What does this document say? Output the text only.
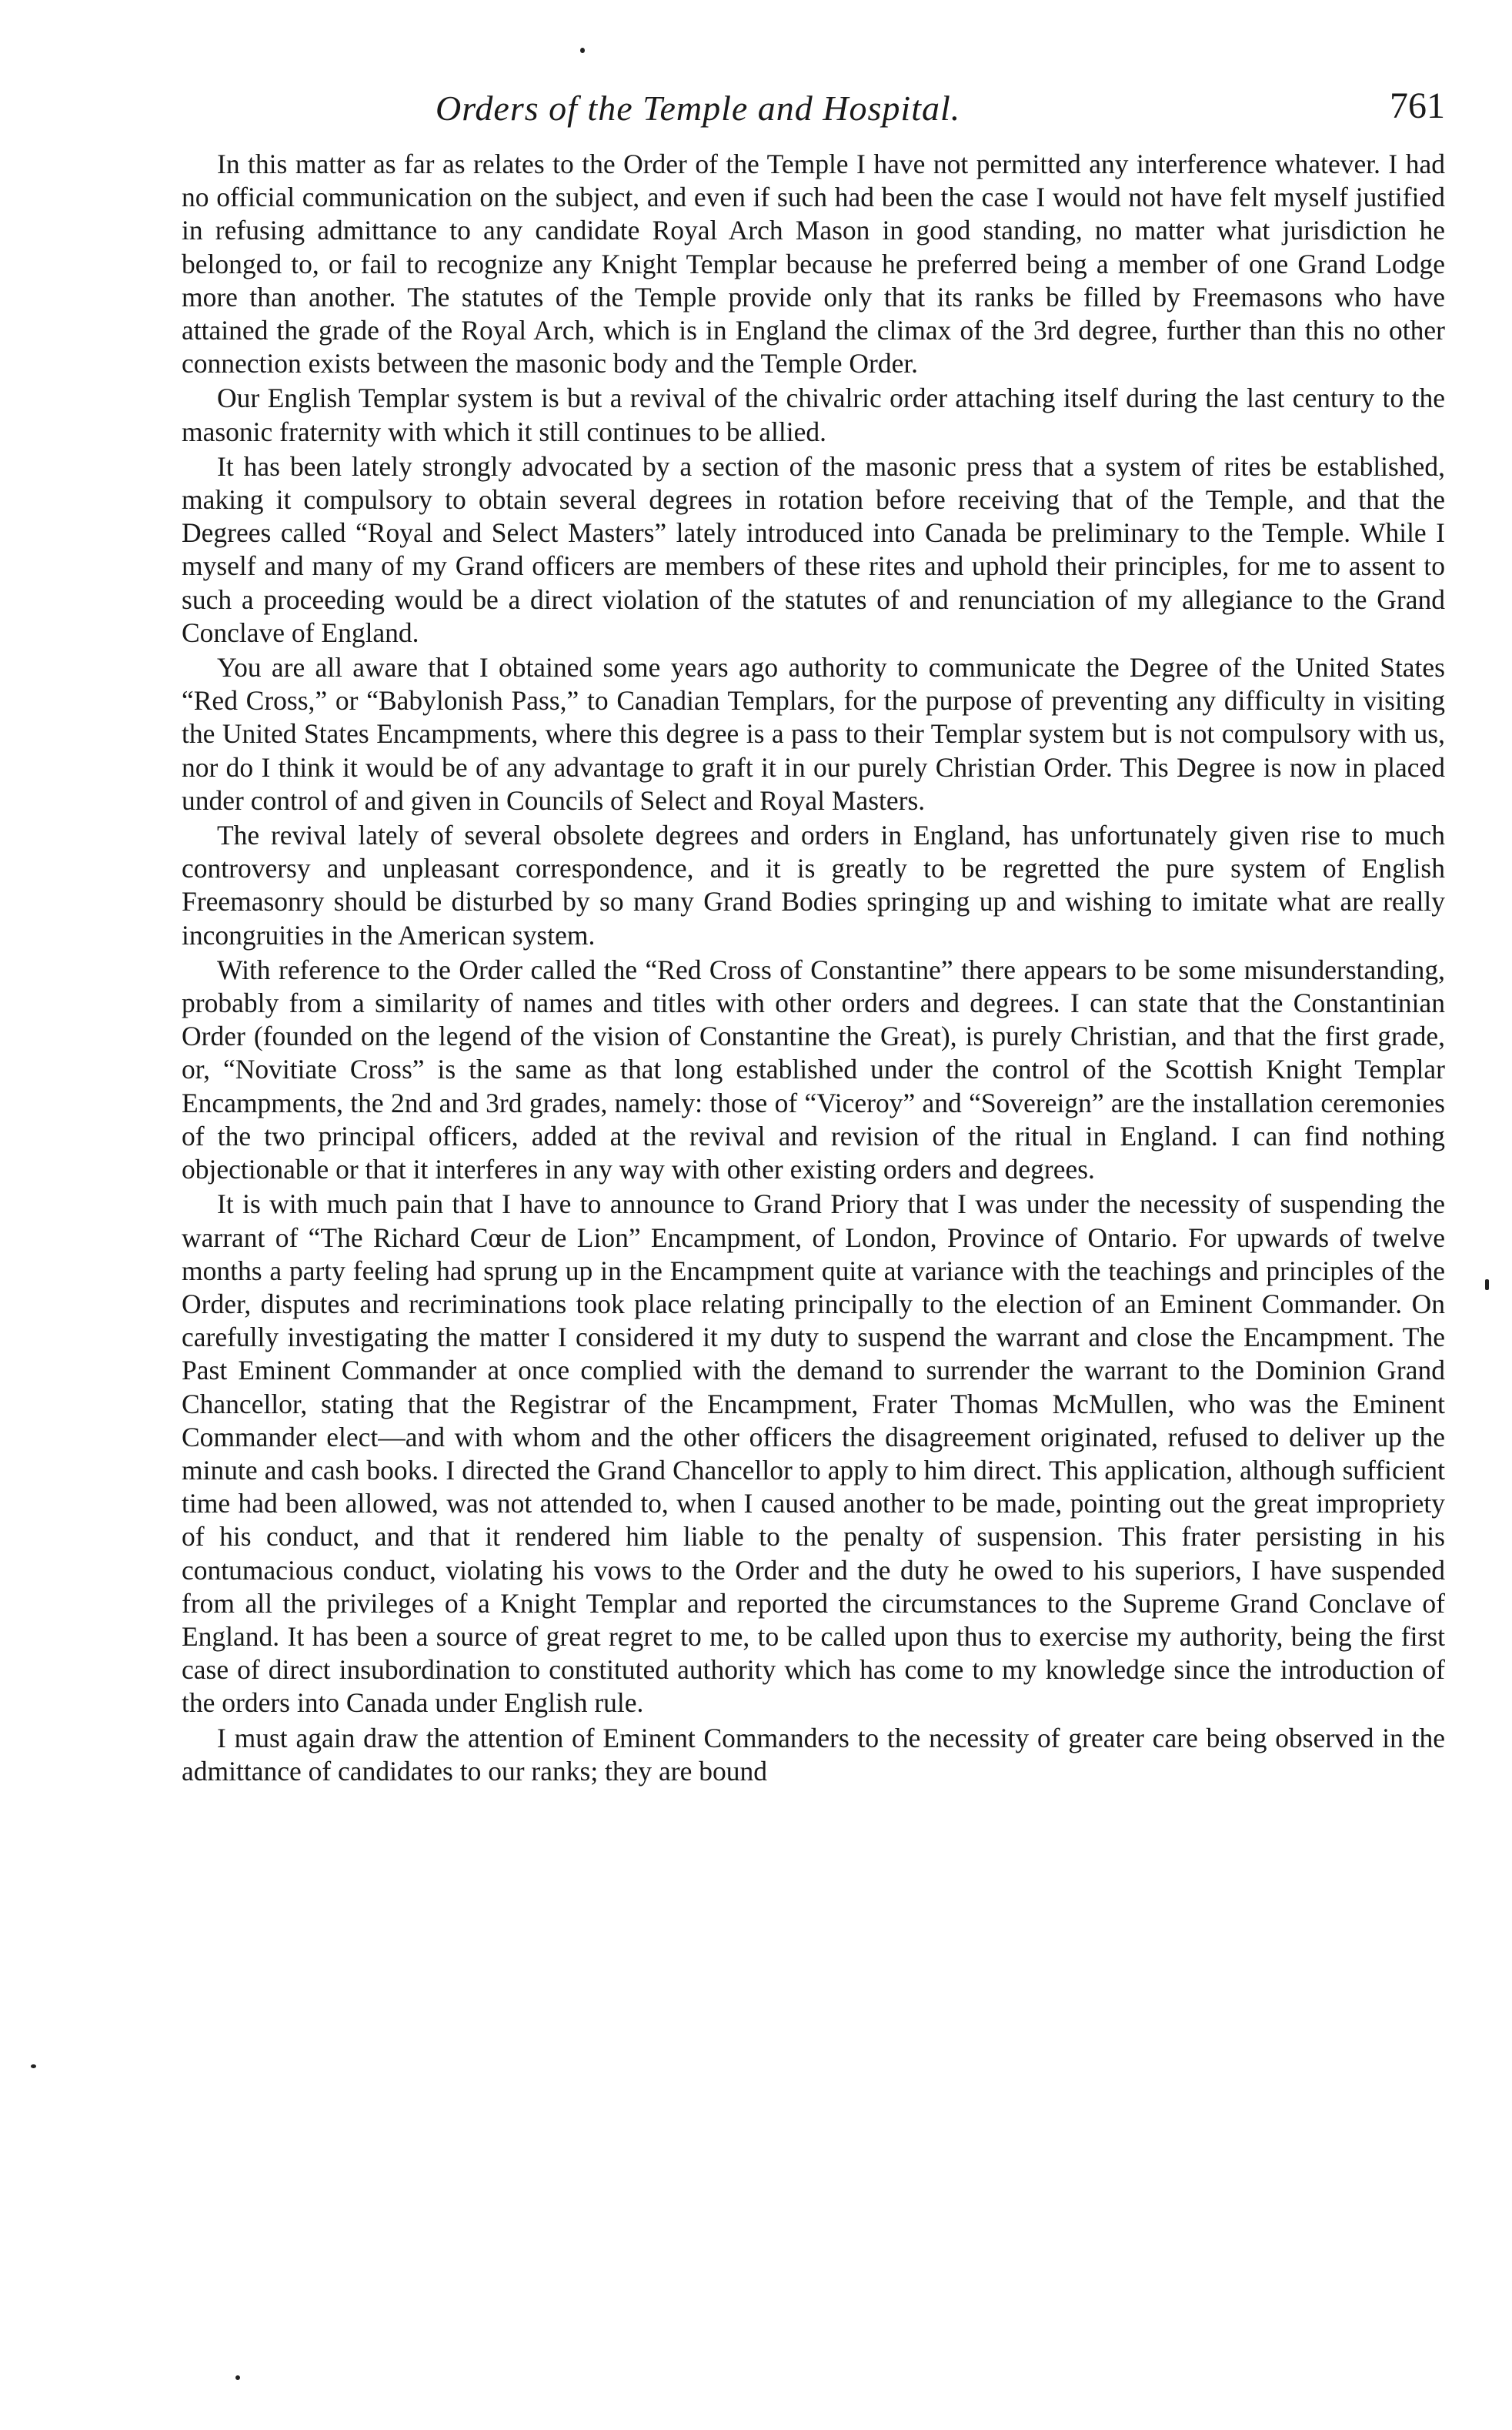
Orders of the Temple and Hospital.	761

In this matter as far as relates to the Order of the Temple I have not permitted any interference whatever. I had no official communication on the subject, and even if such had been the case I would not have felt myself justified in refusing admittance to any candidate Royal Arch Mason in good standing, no matter what jurisdiction he belonged to, or fail to recognize any Knight Templar because he preferred being a member of one Grand Lodge more than another. The statutes of the Temple provide only that its ranks be filled by Freemasons who have attained the grade of the Royal Arch, which is in England the climax of the 3rd degree, further than this no other connection exists between the masonic body and the Temple Order.

Our English Templar system is but a revival of the chivalric order attaching itself during the last century to the masonic fraternity with which it still continues to be allied.

It has been lately strongly advocated by a section of the masonic press that a system of rites be established, making it compulsory to obtain several degrees in rotation before receiving that of the Temple, and that the Degrees called “Royal and Select Masters” lately introduced into Canada be preliminary to the Temple. While I myself and many of my Grand officers are members of these rites and uphold their principles, for me to assent to such a proceeding would be a direct violation of the statutes of and renunciation of my allegiance to the Grand Conclave of England.

You are all aware that I obtained some years ago authority to communicate the Degree of the United States “Red Cross,” or “Babylonish Pass,” to Canadian Templars, for the purpose of preventing any difficulty in visiting the United States Encampments, where this degree is a pass to their Templar system but is not compulsory with us, nor do I think it would be of any advantage to graft it in our purely Christian Order. This Degree is now in placed under control of and given in Councils of Select and Royal Masters.

The revival lately of several obsolete degrees and orders in England, has unfortunately given rise to much controversy and unpleasant correspondence, and it is greatly to be regretted the pure system of English Freemasonry should be disturbed by so many Grand Bodies springing up and wishing to imitate what are really incongruities in the American system.

With reference to the Order called the “Red Cross of Constantine” there appears to be some misunderstanding, probably from a similarity of names and titles with other orders and degrees. I can state that the Constantinian Order (founded on the legend of the vision of Constantine the Great), is purely Christian, and that the first grade, or, “Novitiate Cross” is the same as that long established under the control of the Scottish Knight Templar Encampments, the 2nd and 3rd grades, namely: those of “Viceroy” and “Sovereign” are the installation ceremonies of the two principal officers, added at the revival and revision of the ritual in England. I can find nothing objectionable or that it interferes in any way with other existing orders and degrees.

It is with much pain that I have to announce to Grand Priory that I was under the necessity of suspending the warrant of “The Richard Cœur de Lion” Encampment, of London, Province of Ontario. For upwards of twelve months a party feeling had sprung up in the Encampment quite at variance with the teachings and principles of the Order, disputes and recriminations took place relating principally to the election of an Eminent Commander. On carefully investigating the matter I considered it my duty to suspend the warrant and close the Encampment. The Past Eminent Commander at once complied with the demand to surrender the warrant to the Dominion Grand Chancellor, stating that the Registrar of the Encampment, Frater Thomas McMullen, who was the Eminent Commander elect—and with whom and the other officers the disagreement originated, refused to deliver up the minute and cash books. I directed the Grand Chancellor to apply to him direct. This application, although sufficient time had been allowed, was not attended to, when I caused another to be made, pointing out the great impropriety of his conduct, and that it rendered him liable to the penalty of suspension. This frater persisting in his contumacious conduct, violating his vows to the Order and the duty he owed to his superiors, I have suspended from all the privileges of a Knight Templar and reported the circumstances to the Supreme Grand Conclave of England. It has been a source of great regret to me, to be called upon thus to exercise my authority, being the first case of direct insubordination to constituted authority which has come to my knowledge since the introduction of the orders into Canada under English rule.

I must again draw the attention of Eminent Commanders to the necessity of greater care being observed in the admittance of candidates to our ranks; they are bound
